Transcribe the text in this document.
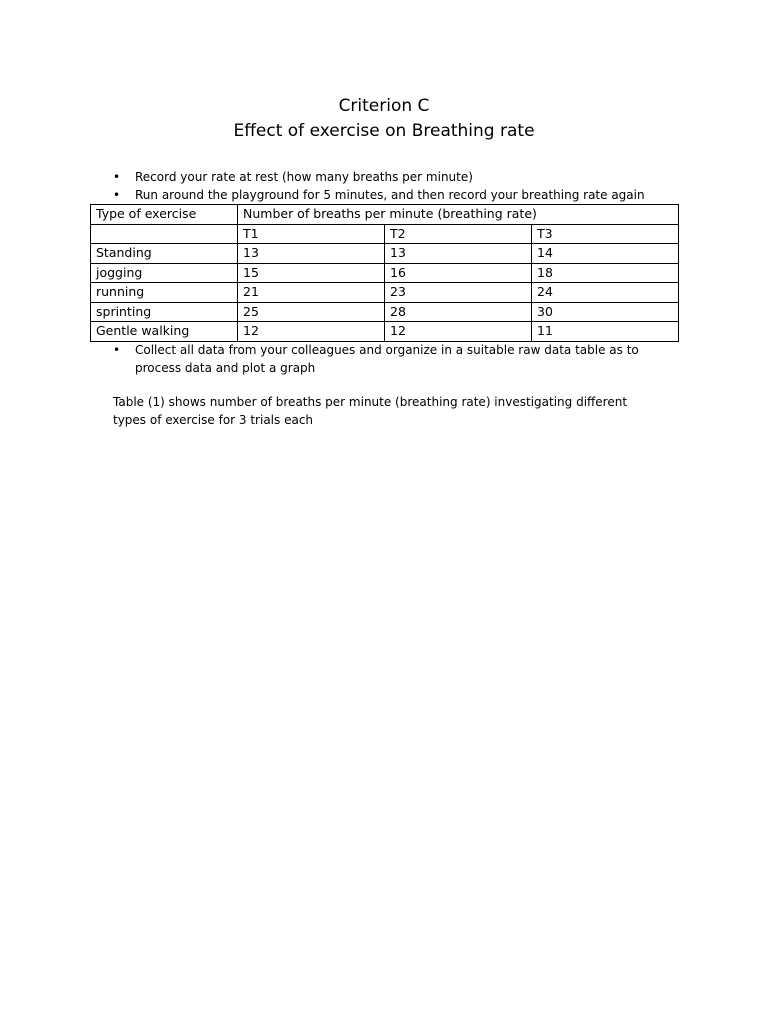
Criterion C
Effect of exercise on Breathing rate
• Record your rate at rest (how many breaths per minute)
• Run around the playground for 5 minutes, and then record your breathing rate again
Type of exercise	Number of breaths per minute (breathing rate)		
	T1	T2	T3
Standing	13	13	14
jogging	15	16	18
running	21	23	24
sprinting	25	28	30
Gentle walking	12	12	11
• Collect all data from your colleagues and organize in a suitable raw data table as to process data and plot a graph

Table (1) shows number of breaths per minute (breathing rate) investigating different types of exercise for 3 trials each
